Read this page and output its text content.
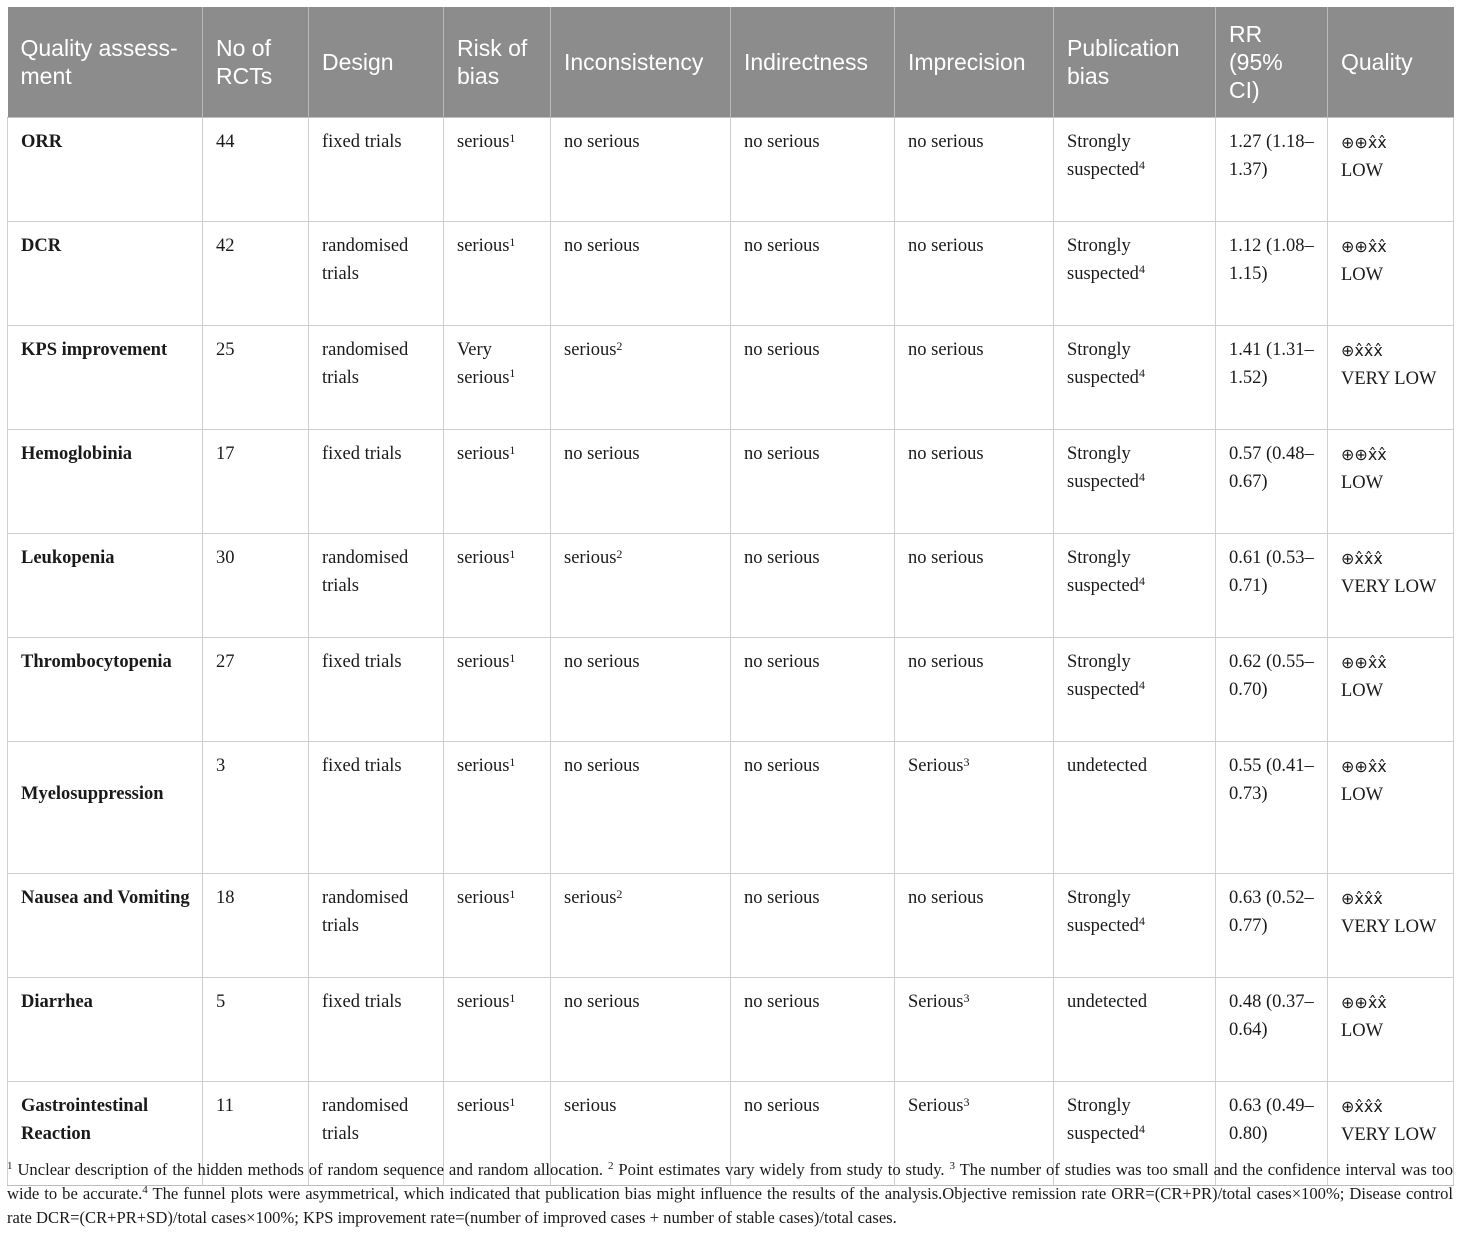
Quality assess-ment	No of RCTs	Design	Risk of bias	Inconsistency	Indirectness	Imprecision	Publication bias	RR (95% CI)	Quality
ORR	44	fixed trials	serious$^1$	no serious	no serious	no serious	Strongly suspected$^4$	1.27 (1.18–1.37)	⊕⊕x̂x̂
LOW
DCR	42	randomised trials	serious$^1$	no serious	no serious	no serious	Strongly suspected$^4$	1.12 (1.08–1.15)	⊕⊕x̂x̂
LOW
KPS improvement	25	randomised trials	Very serious$^1$	serious$^2$	no serious	no serious	Strongly suspected$^4$	1.41 (1.31–1.52)	⊕x̂x̂x̂
VERY LOW
Hemoglobinia	17	fixed trials	serious$^1$	no serious	no serious	no serious	Strongly suspected$^4$	0.57 (0.48–0.67)	⊕⊕x̂x̂
LOW
Leukopenia	30	randomised trials	serious$^1$	serious$^2$	no serious	no serious	Strongly suspected$^4$	0.61 (0.53–0.71)	⊕x̂x̂x̂
VERY LOW
Thrombocytopenia	27	fixed trials	serious$^1$	no serious	no serious	no serious	Strongly suspected$^4$	0.62 (0.55–0.70)	⊕⊕x̂x̂
LOW
Myelosuppression	3	fixed trials	serious$^1$	no serious	no serious	Serious$^3$	undetected	0.55 (0.41–0.73)	⊕⊕x̂x̂
LOW
Nausea and Vomiting	18	randomised trials	serious$^1$	serious$^2$	no serious	no serious	Strongly suspected$^4$	0.63 (0.52–0.77)	⊕x̂x̂x̂
VERY LOW
Diarrhea	5	fixed trials	serious$^1$	no serious	no serious	Serious$^3$	undetected	0.48 (0.37–0.64)	⊕⊕x̂x̂
LOW
Gastrointestinal Reaction	11	randomised trials	serious$^1$	serious	no serious	Serious$^3$	Strongly suspected$^4$	0.63 (0.49–0.80)	⊕x̂x̂x̂
VERY LOW
$^1$ Unclear description of the hidden methods of random sequence and random allocation. $^2$ Point estimates vary widely from study to study. $^3$ The number of studies was too small and the confidence interval was too wide to be accurate.$^4$ The funnel plots were asymmetrical, which indicated that publication bias might influence the results of the analysis.Objective remission rate ORR=(CR+PR)/total cases×100%; Disease control rate DCR=(CR+PR+SD)/total cases×100%; KPS improvement rate=(number of improved cases + number of stable cases)/total cases.
